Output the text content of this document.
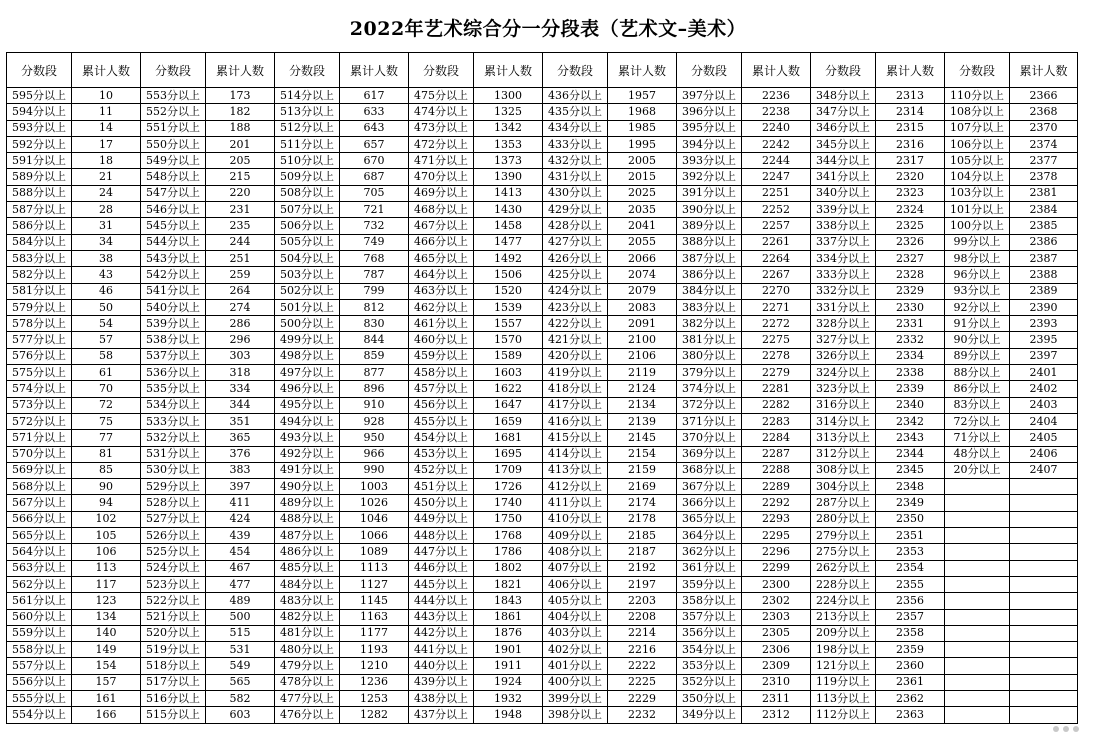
2022年艺术综合分一分段表（艺术文–美术）
分数段	累计人数	分数段	累计人数	分数段	累计人数	分数段	累计人数	分数段	累计人数	分数段	累计人数	分数段	累计人数	分数段	累计人数
595分以上	10	553分以上	173	514分以上	617	475分以上	1300	436分以上	1957	397分以上	2236	348分以上	2313	110分以上	2366
594分以上	11	552分以上	182	513分以上	633	474分以上	1325	435分以上	1968	396分以上	2238	347分以上	2314	108分以上	2368
593分以上	14	551分以上	188	512分以上	643	473分以上	1342	434分以上	1985	395分以上	2240	346分以上	2315	107分以上	2370
592分以上	17	550分以上	201	511分以上	657	472分以上	1353	433分以上	1995	394分以上	2242	345分以上	2316	106分以上	2374
591分以上	18	549分以上	205	510分以上	670	471分以上	1373	432分以上	2005	393分以上	2244	344分以上	2317	105分以上	2377
589分以上	21	548分以上	215	509分以上	687	470分以上	1390	431分以上	2015	392分以上	2247	341分以上	2320	104分以上	2378
588分以上	24	547分以上	220	508分以上	705	469分以上	1413	430分以上	2025	391分以上	2251	340分以上	2323	103分以上	2381
587分以上	28	546分以上	231	507分以上	721	468分以上	1430	429分以上	2035	390分以上	2252	339分以上	2324	101分以上	2384
586分以上	31	545分以上	235	506分以上	732	467分以上	1458	428分以上	2041	389分以上	2257	338分以上	2325	100分以上	2385
584分以上	34	544分以上	244	505分以上	749	466分以上	1477	427分以上	2055	388分以上	2261	337分以上	2326	99分以上	2386
583分以上	38	543分以上	251	504分以上	768	465分以上	1492	426分以上	2066	387分以上	2264	334分以上	2327	98分以上	2387
582分以上	43	542分以上	259	503分以上	787	464分以上	1506	425分以上	2074	386分以上	2267	333分以上	2328	96分以上	2388
581分以上	46	541分以上	264	502分以上	799	463分以上	1520	424分以上	2079	384分以上	2270	332分以上	2329	93分以上	2389
579分以上	50	540分以上	274	501分以上	812	462分以上	1539	423分以上	2083	383分以上	2271	331分以上	2330	92分以上	2390
578分以上	54	539分以上	286	500分以上	830	461分以上	1557	422分以上	2091	382分以上	2272	328分以上	2331	91分以上	2393
577分以上	57	538分以上	296	499分以上	844	460分以上	1570	421分以上	2100	381分以上	2275	327分以上	2332	90分以上	2395
576分以上	58	537分以上	303	498分以上	859	459分以上	1589	420分以上	2106	380分以上	2278	326分以上	2334	89分以上	2397
575分以上	61	536分以上	318	497分以上	877	458分以上	1603	419分以上	2119	379分以上	2279	324分以上	2338	88分以上	2401
574分以上	70	535分以上	334	496分以上	896	457分以上	1622	418分以上	2124	374分以上	2281	323分以上	2339	86分以上	2402
573分以上	72	534分以上	344	495分以上	910	456分以上	1647	417分以上	2134	372分以上	2282	316分以上	2340	83分以上	2403
572分以上	75	533分以上	351	494分以上	928	455分以上	1659	416分以上	2139	371分以上	2283	314分以上	2342	72分以上	2404
571分以上	77	532分以上	365	493分以上	950	454分以上	1681	415分以上	2145	370分以上	2284	313分以上	2343	71分以上	2405
570分以上	81	531分以上	376	492分以上	966	453分以上	1695	414分以上	2154	369分以上	2287	312分以上	2344	48分以上	2406
569分以上	85	530分以上	383	491分以上	990	452分以上	1709	413分以上	2159	368分以上	2288	308分以上	2345	20分以上	2407
568分以上	90	529分以上	397	490分以上	1003	451分以上	1726	412分以上	2169	367分以上	2289	304分以上	2348		
567分以上	94	528分以上	411	489分以上	1026	450分以上	1740	411分以上	2174	366分以上	2292	287分以上	2349		
566分以上	102	527分以上	424	488分以上	1046	449分以上	1750	410分以上	2178	365分以上	2293	280分以上	2350		
565分以上	105	526分以上	439	487分以上	1066	448分以上	1768	409分以上	2185	364分以上	2295	279分以上	2351		
564分以上	106	525分以上	454	486分以上	1089	447分以上	1786	408分以上	2187	362分以上	2296	275分以上	2353		
563分以上	113	524分以上	467	485分以上	1113	446分以上	1802	407分以上	2192	361分以上	2299	262分以上	2354		
562分以上	117	523分以上	477	484分以上	1127	445分以上	1821	406分以上	2197	359分以上	2300	228分以上	2355		
561分以上	123	522分以上	489	483分以上	1145	444分以上	1843	405分以上	2203	358分以上	2302	224分以上	2356		
560分以上	134	521分以上	500	482分以上	1163	443分以上	1861	404分以上	2208	357分以上	2303	213分以上	2357		
559分以上	140	520分以上	515	481分以上	1177	442分以上	1876	403分以上	2214	356分以上	2305	209分以上	2358		
558分以上	149	519分以上	531	480分以上	1193	441分以上	1901	402分以上	2216	354分以上	2306	198分以上	2359		
557分以上	154	518分以上	549	479分以上	1210	440分以上	1911	401分以上	2222	353分以上	2309	121分以上	2360		
556分以上	157	517分以上	565	478分以上	1236	439分以上	1924	400分以上	2225	352分以上	2310	119分以上	2361		
555分以上	161	516分以上	582	477分以上	1253	438分以上	1932	399分以上	2229	350分以上	2311	113分以上	2362		
554分以上	166	515分以上	603	476分以上	1282	437分以上	1948	398分以上	2232	349分以上	2312	112分以上	2363		
